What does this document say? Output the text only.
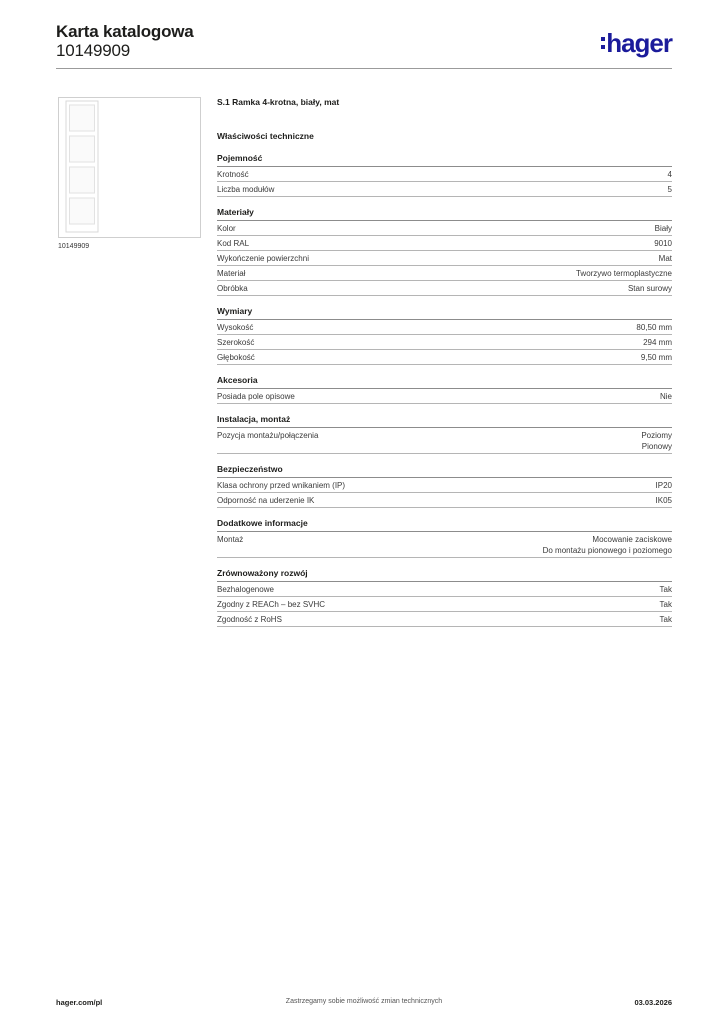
Karta katalogowa
10149909	hager
10149909
S.1 Ramka 4-krotna, biały, mat
Właściwości techniczne
Pojemność
Krotność	4
Liczba modułów	5
Materiały
Kolor	Biały
Kod RAL	9010
Wykończenie powierzchni	Mat
Materiał	Tworzywo termoplastyczne
Obróbka	Stan surowy
Wymiary
Wysokość	80,50 mm
Szerokość	294 mm
Głębokość	9,50 mm
Akcesoria
Posiada pole opisowe	Nie
Instalacja, montaż
Pozycja montażu/połączenia	Poziomy
Pionowy
Bezpieczeństwo
Klasa ochrony przed wnikaniem (IP)	IP20
Odporność na uderzenie IK	IK05
Dodatkowe informacje
Montaż	Mocowanie zaciskowe
Do montażu pionowego i poziomego
Zrównoważony rozwój
Bezhalogenowe	Tak
Zgodny z REACh – bez SVHC	Tak
Zgodność z RoHS	Tak
hager.com/pl	Zastrzegamy sobie możliwość zmian technicznych	03.03.2026
